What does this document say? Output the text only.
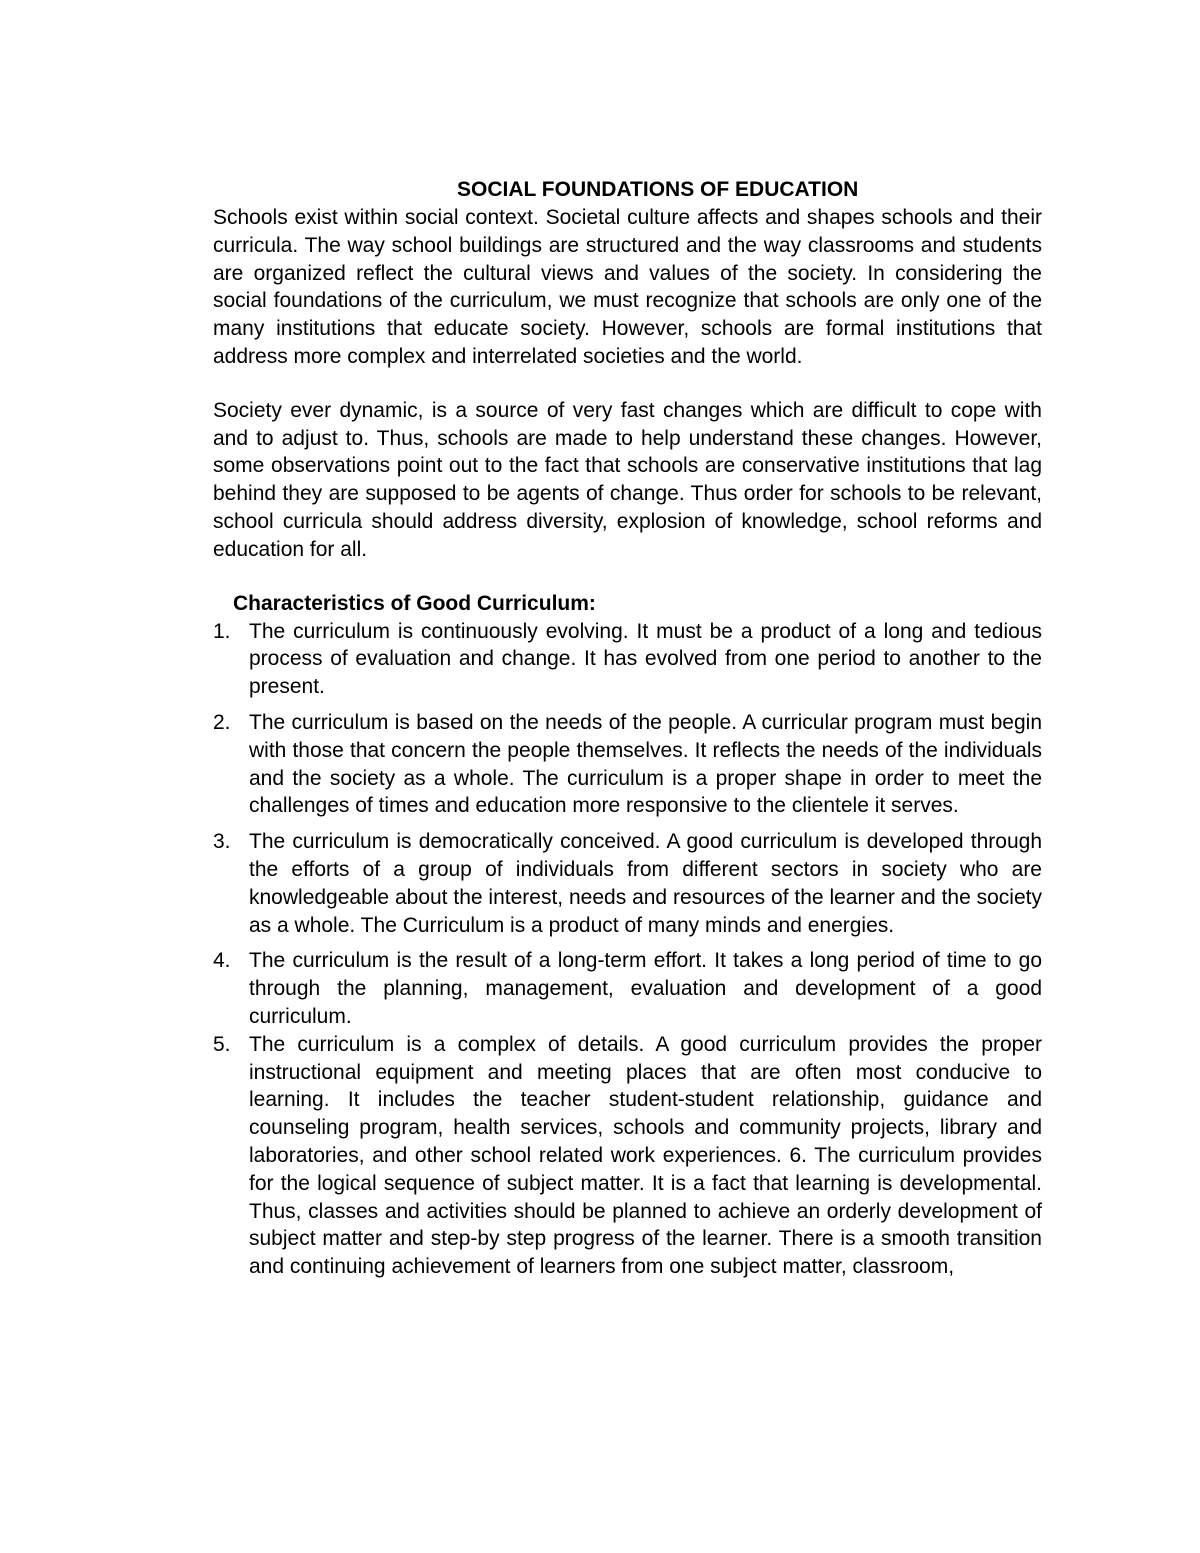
SOCIAL FOUNDATIONS OF EDUCATION

Schools exist within social context. Societal culture affects and shapes schools and their curricula. The way school buildings are structured and the way classrooms and students are organized reflect the cultural views and values of the society. In considering the social foundations of the curriculum, we must recognize that schools are only one of the many institutions that educate society. However, schools are formal institutions that address more complex and interrelated societies and the world.

Society ever dynamic, is a source of very fast changes which are difficult to cope with and to adjust to. Thus, schools are made to help understand these changes. However, some observations point out to the fact that schools are conservative institutions that lag behind they are supposed to be agents of change. Thus order for schools to be relevant, school curricula should address diversity, explosion of knowledge, school reforms and education for all.

Characteristics of Good Curriculum:
1. The curriculum is continuously evolving. It must be a product of a long and tedious process of evaluation and change. It has evolved from one period to another to the present.
2. The curriculum is based on the needs of the people. A curricular program must begin with those that concern the people themselves. It reflects the needs of the individuals and the society as a whole. The curriculum is a proper shape in order to meet the challenges of times and education more responsive to the clientele it serves.
3. The curriculum is democratically conceived. A good curriculum is developed through the efforts of a group of individuals from different sectors in society who are knowledgeable about the interest, needs and resources of the learner and the society as a whole. The Curriculum is a product of many minds and energies.
4. The curriculum is the result of a long-term effort. It takes a long period of time to go through the planning, management, evaluation and development of a good curriculum.
5. The curriculum is a complex of details. A good curriculum provides the proper instructional equipment and meeting places that are often most conducive to learning. It includes the teacher student-student relationship, guidance and counseling program, health services, schools and community projects, library and laboratories, and other school related work experiences. 6. The curriculum provides for the logical sequence of subject matter. It is a fact that learning is developmental. Thus, classes and activities should be planned to achieve an orderly development of subject matter and step-by step progress of the learner. There is a smooth transition and continuing achievement of learners from one subject matter, classroom,
